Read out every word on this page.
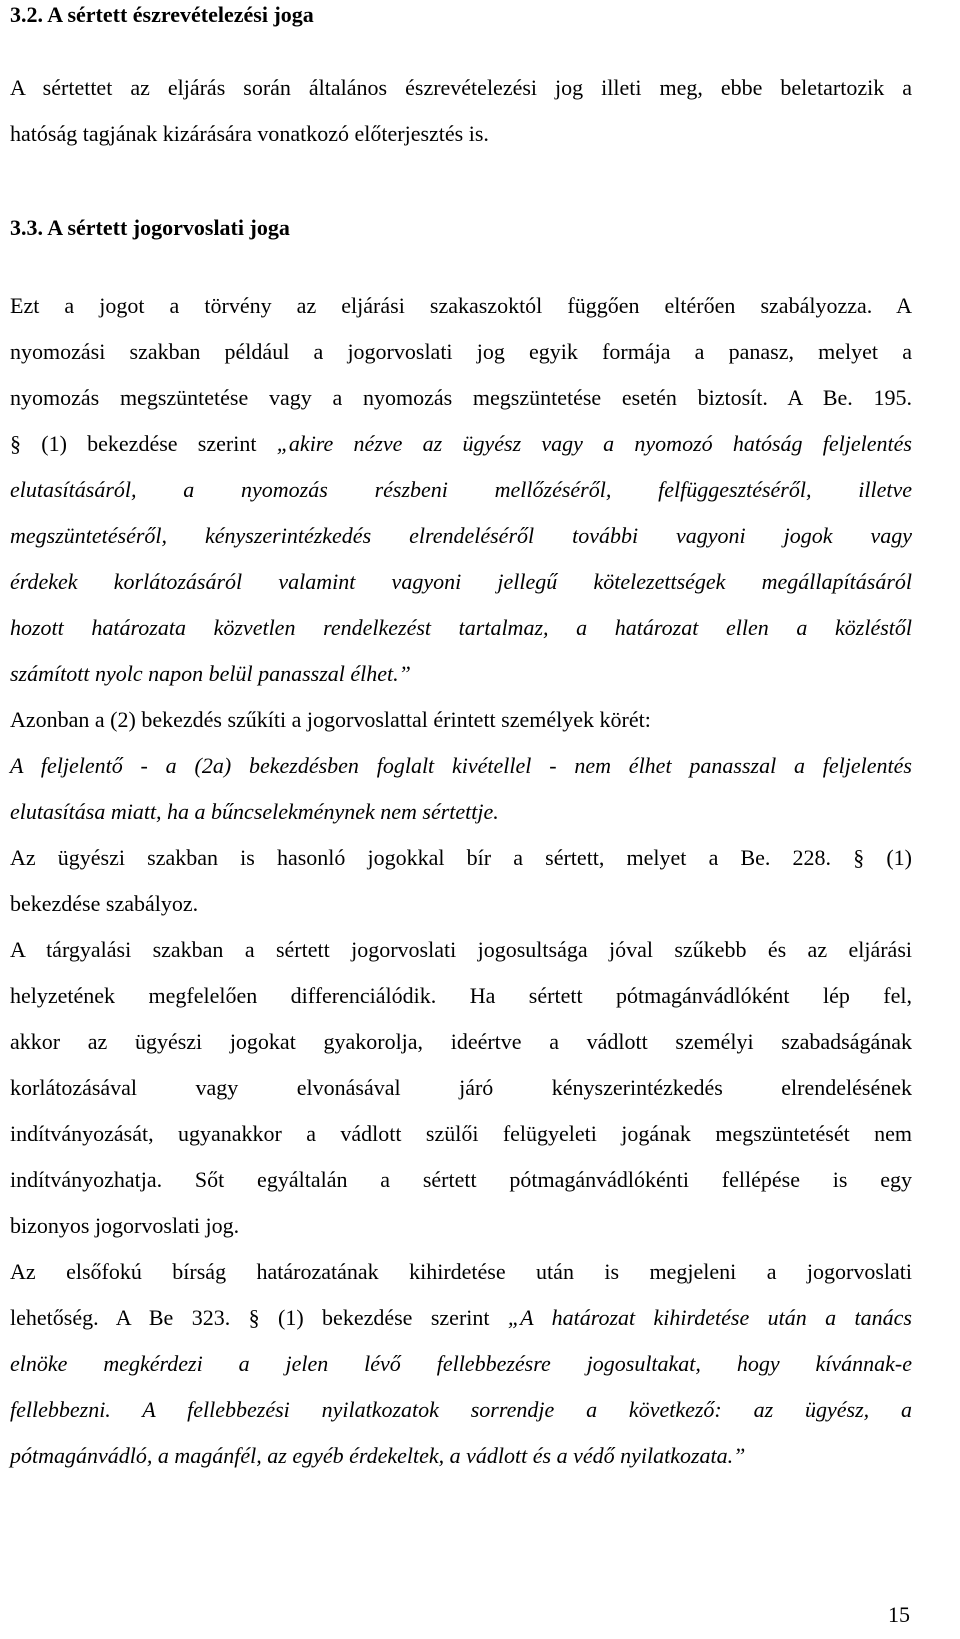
3.2. A sértett észrevételezési joga
A sértettet az eljárás során általános észrevételezési jog illeti meg, ebbe beletartozik a
hatóság tagjának kizárására vonatkozó előterjesztés is.
3.3. A sértett jogorvoslati joga
Ezt a jogot a törvény az eljárási szakaszoktól függően eltérően szabályozza. A
nyomozási szakban például a jogorvoslati jog egyik formája a panasz, melyet a
nyomozás megszüntetése vagy a nyomozás megszüntetése esetén biztosít. A Be. 195.
§ (1) bekezdése szerint „akire nézve az ügyész vagy a nyomozó hatóság feljelentés
elutasításáról, a nyomozás részbeni mellőzéséről, felfüggesztéséről, illetve
megszüntetéséről, kényszerintézkedés elrendeléséről további vagyoni jogok vagy
érdekek korlátozásáról valamint vagyoni jellegű kötelezettségek megállapításáról
hozott határozata közvetlen rendelkezést tartalmaz, a határozat ellen a közléstől
számított nyolc napon belül panasszal élhet.”
Azonban a (2) bekezdés szűkíti a jogorvoslattal érintett személyek körét:
A feljelentő - a (2a) bekezdésben foglalt kivétellel - nem élhet panasszal a feljelentés
elutasítása miatt, ha a bűncselekménynek nem sértettje.
Az ügyészi szakban is hasonló jogokkal bír a sértett, melyet a Be. 228. § (1)
bekezdése szabályoz.
A tárgyalási szakban a sértett jogorvoslati jogosultsága jóval szűkebb és az eljárási
helyzetének megfelelően differenciálódik. Ha sértett pótmagánvádlóként lép fel,
akkor az ügyészi jogokat gyakorolja, ideértve a vádlott személyi szabadságának
korlátozásával vagy elvonásával járó kényszerintézkedés elrendelésének
indítványozását, ugyanakkor a vádlott szülői felügyeleti jogának megszüntetését nem
indítványozhatja. Sőt egyáltalán a sértett pótmagánvádlókénti fellépése is egy
bizonyos jogorvoslati jog.
Az elsőfokú bírság határozatának kihirdetése után is megjeleni a jogorvoslati
lehetőség. A Be 323. § (1) bekezdése szerint „A határozat kihirdetése után a tanács
elnöke megkérdezi a jelen lévő fellebbezésre jogosultakat, hogy kívánnak-e
fellebbezni. A fellebbezési nyilatkozatok sorrendje a következő: az ügyész, a
pótmagánvádló, a magánfél, az egyéb érdekeltek, a vádlott és a védő nyilatkozata.”
15
